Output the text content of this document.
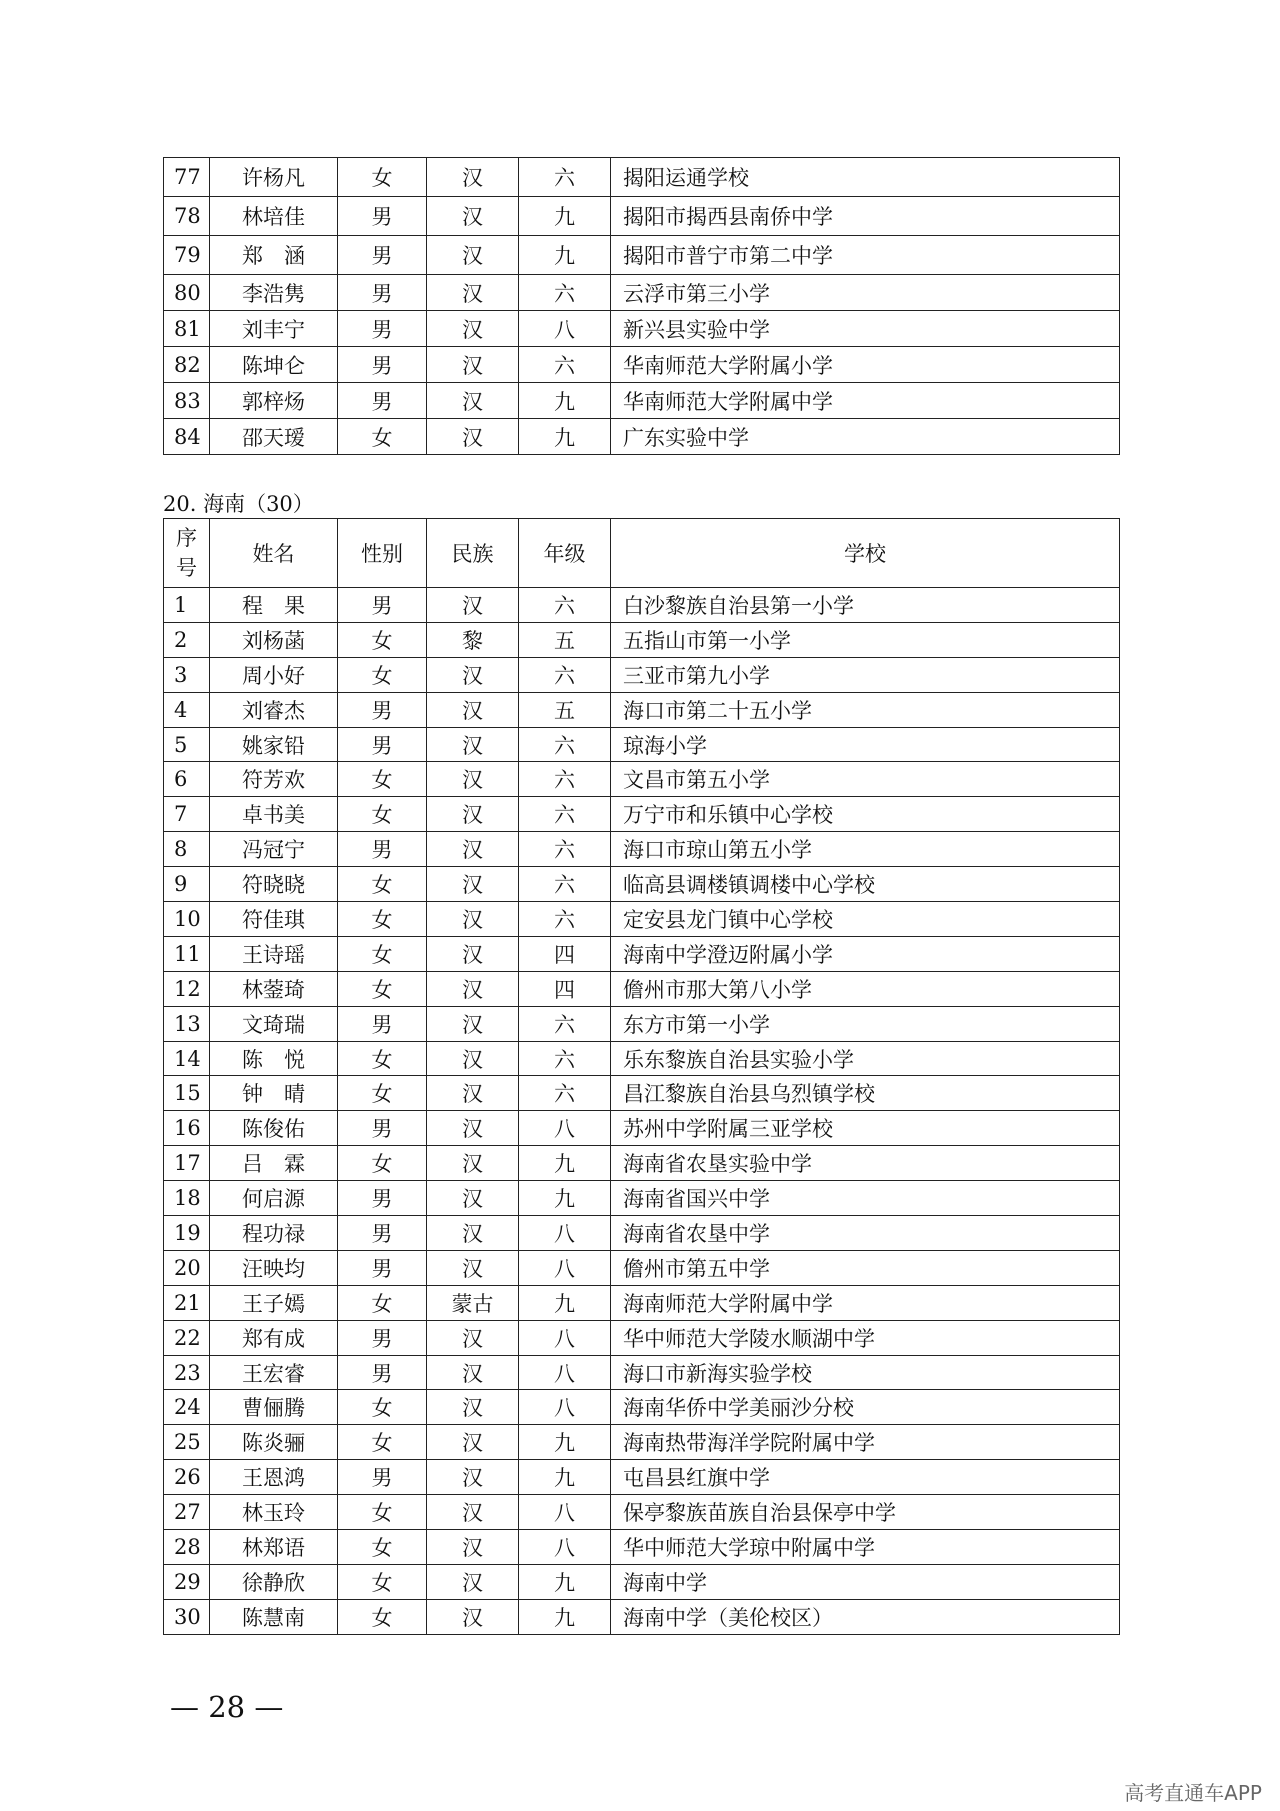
77	许杨凡	女	汉	六	揭阳运通学校
78	林培佳	男	汉	九	揭阳市揭西县南侨中学
79	郑　涵	男	汉	九	揭阳市普宁市第二中学
80	李浩隽	男	汉	六	云浮市第三小学
81	刘丰宁	男	汉	八	新兴县实验中学
82	陈坤仑	男	汉	六	华南师范大学附属小学
83	郭梓炀	男	汉	九	华南师范大学附属中学
84	邵天瑷	女	汉	九	广东实验中学
20. 海南（30）
序
号	姓名	性别	民族	年级	学校
1	程　果	男	汉	六	白沙黎族自治县第一小学
2	刘杨菡	女	黎	五	五指山市第一小学
3	周小好	女	汉	六	三亚市第九小学
4	刘睿杰	男	汉	五	海口市第二十五小学
5	姚家铅	男	汉	六	琼海小学
6	符芳欢	女	汉	六	文昌市第五小学
7	卓书美	女	汉	六	万宁市和乐镇中心学校
8	冯冠宁	男	汉	六	海口市琼山第五小学
9	符晓晓	女	汉	六	临高县调楼镇调楼中心学校
10	符佳琪	女	汉	六	定安县龙门镇中心学校
11	王诗瑶	女	汉	四	海南中学澄迈附属小学
12	林蓥琦	女	汉	四	儋州市那大第八小学
13	文琦瑞	男	汉	六	东方市第一小学
14	陈　悦	女	汉	六	乐东黎族自治县实验小学
15	钟　晴	女	汉	六	昌江黎族自治县乌烈镇学校
16	陈俊佑	男	汉	八	苏州中学附属三亚学校
17	吕　霖	女	汉	九	海南省农垦实验中学
18	何启源	男	汉	九	海南省国兴中学
19	程功禄	男	汉	八	海南省农垦中学
20	汪映均	男	汉	八	儋州市第五中学
21	王子嫣	女	蒙古	九	海南师范大学附属中学
22	郑有成	男	汉	八	华中师范大学陵水顺湖中学
23	王宏睿	男	汉	八	海口市新海实验学校
24	曹俪腾	女	汉	八	海南华侨中学美丽沙分校
25	陈炎骊	女	汉	九	海南热带海洋学院附属中学
26	王恩鸿	男	汉	九	屯昌县红旗中学
27	林玉玲	女	汉	八	保亭黎族苗族自治县保亭中学
28	林郑语	女	汉	八	华中师范大学琼中附属中学
29	徐静欣	女	汉	九	海南中学
30	陈慧南	女	汉	九	海南中学（美伦校区）
— 28 —
高考直通车APP
